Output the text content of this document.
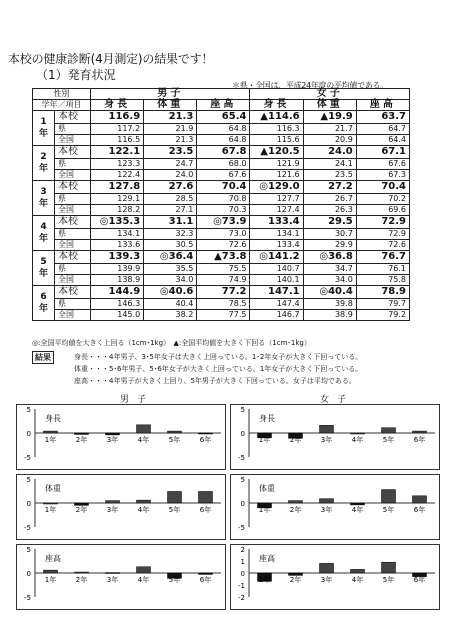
本校の健康診断(4月測定)の結果です！
（1）発育状況
＊県・全国は、平成24年度の平均値である。
性別		男子			女子		
学年／項目		身長	体重	座高	身長	体重	座高
1年	本校	116.9	21.3	65.4	▲114.6	▲19.9	63.7
	県	117.2	21.9	64.8	116.3	21.7	64.7
	全国	116.5	21.3	64.8	115.6	20.9	64.4
2年	本校	122.1	23.5	67.8	▲120.5	24.0	67.1
	県	123.3	24.7	68.0	121.9	24.1	67.6
	全国	122.4	24.0	67.6	121.6	23.5	67.3
3年	本校	127.8	27.6	70.4	◎129.0	27.2	70.4
	県	129.1	28.5	70.8	127.7	26.7	70.2
	全国	128.2	27.1	70.3	127.4	26.3	69.6
4年	本校	◎135.3	31.1	◎73.9	133.4	29.5	72.9
	県	134.1	32.3	73.0	134.1	30.7	72.9
	全国	133.6	30.5	72.6	133.4	29.9	72.6
5年	本校	139.3	◎36.4	▲73.8	◎141.2	◎36.8	76.7
	県	139.9	35.5	75.5	140.7	34.7	76.1
	全国	138.9	34.0	74.9	140.1	34.0	75.8
6年	本校	144.9	◎40.6	77.2	147.1	◎40.4	78.9
	県	146.3	40.4	78.5	147.4	39.8	79.7
	全国	145.0	38.2	77.5	146.7	38.9	79.2
◎:全国平均値を大きく上回る（1cm･1kg）　▲:全国平均値を大きく下回る（1cm･1kg）
結果	身長・・・4年男子、3･5年女子は大きく上回っている。1･2年女子が大きく下回っている。
体重・・・5･6年男子、5･6年女子が大きく上回っている。1年女子が大きく下回っている。
座高・・・4年男子が大きく上回り、5年男子が大きく下回っている。女子は平均である。
男子	女子
5
0
-5
身長
1年	2年	3年	4年	5年	6年
5
0
-5
身長
1年	2年	3年	4年	5年	6年
5
0
-5
体重
1年	2年	3年	4年	5年	6年
5
0
-5
体重
1年	2年	3年	4年	5年	6年
5
0
-5
座高
1年	2年	3年	4年	5年	6年
2
1
0
-1
-2
座高
1年	2年	3年	4年	5年	6年
